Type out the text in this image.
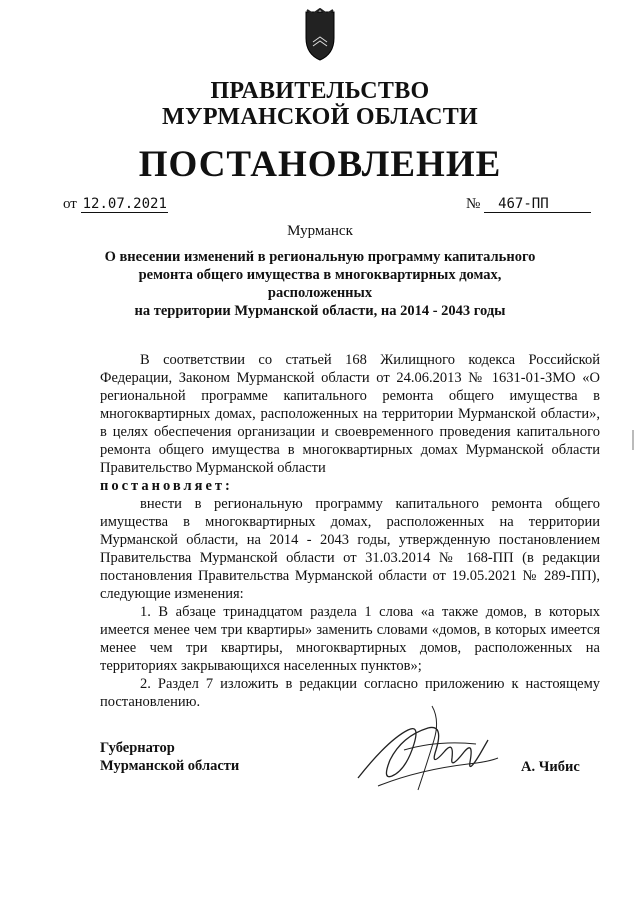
ПРАВИТЕЛЬСТВО
МУРМАНСКОЙ ОБЛАСТИ
ПОСТАНОВЛЕНИЕ
от 12.07.2021	№ 467-ПП
Мурманск
О внесении изменений в региональную программу капитального
ремонта общего имущества в многоквартирных домах, расположенных
на территории Мурманской области, на 2014 - 2043 годы

В соответствии со статьей 168 Жилищного кодекса Российской Федерации, Законом Мурманской области от 24.06.2013 № 1631-01-ЗМО «О региональной программе капитального ремонта общего имущества в многоквартирных домах, расположенных на территории Мурманской области», в целях обеспечения организации и своевременного проведения капитального ремонта общего имущества в многоквартирных домах Мурманской области Правительство Мурманской области

постановляет:

внести в региональную программу капитального ремонта общего имущества в многоквартирных домах, расположенных на территории Мурманской области, на 2014 - 2043 годы, утвержденную постановлением Правительства Мурманской области от 31.03.2014 № 168-ПП (в редакции постановления Правительства Мурманской области от 19.05.2021 № 289-ПП), следующие изменения:

1. В абзаце тринадцатом раздела 1 слова «а также домов, в которых имеется менее чем три квартиры» заменить словами «домов, в которых имеется менее чем три квартиры, многоквартирных домов, расположенных на территориях закрывающихся населенных пунктов»;

2. Раздел 7 изложить в редакции согласно приложению к настоящему постановлению.

Губернатор
Мурманской области	А. Чибис
